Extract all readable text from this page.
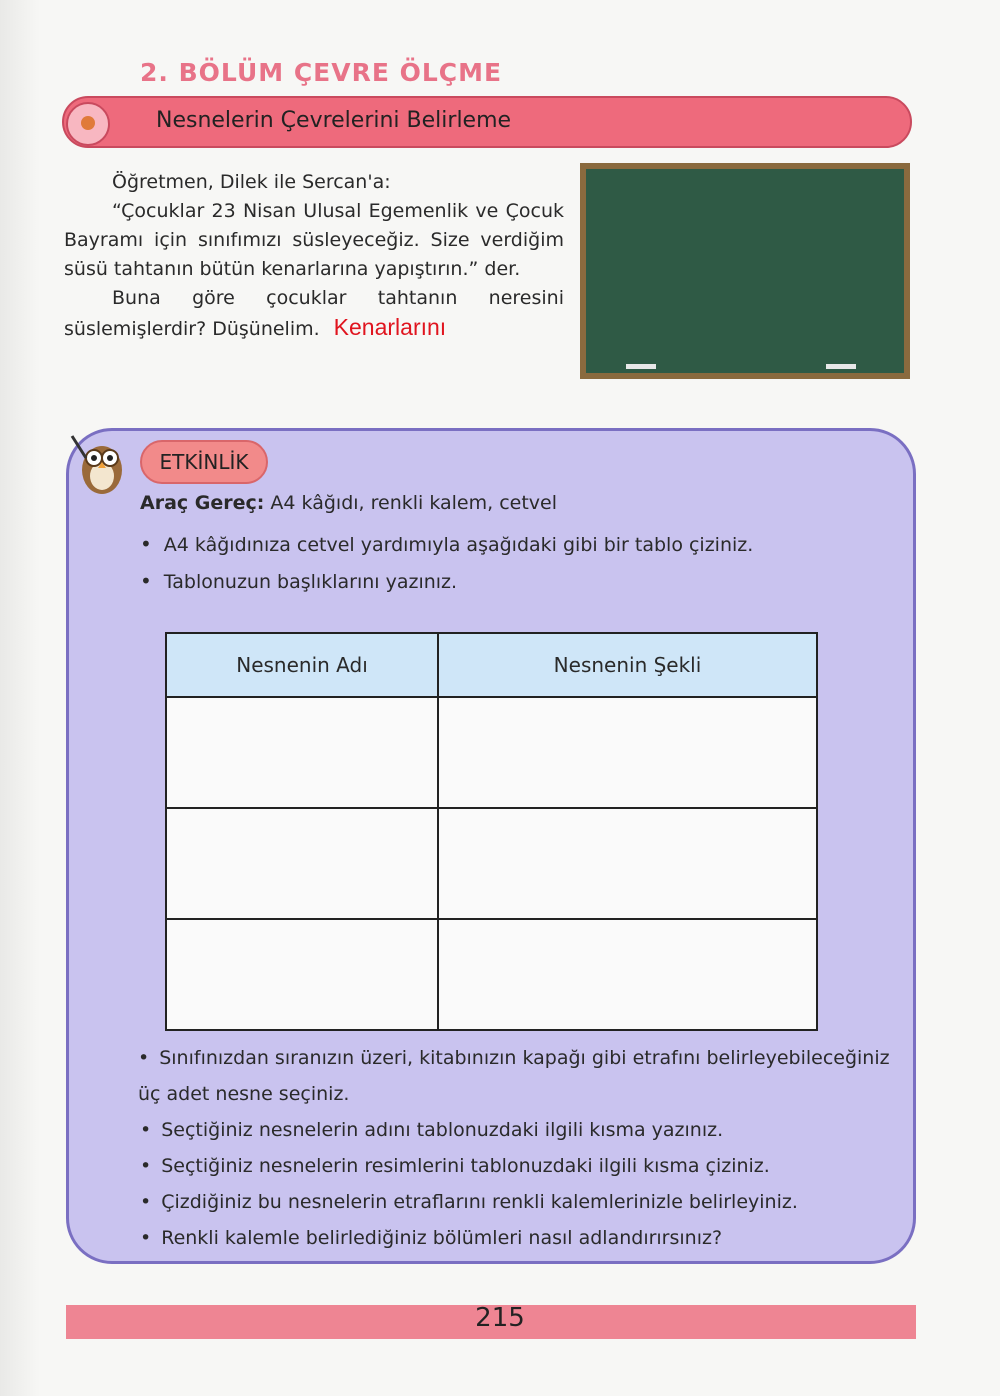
2. BÖLÜM ÇEVRE ÖLÇME
Nesnelerin Çevrelerini Belirleme

Öğretmen, Dilek ile Sercan'a:

“Çocuklar 23 Nisan Ulusal Egemenlik ve Çocuk Bayramı için sınıfımızı süsleyeceğiz. Size verdiğim süsü tahtanın bütün kenarlarına yapıştırın.” der.

Buna göre çocuklar tahtanın neresini süslemişlerdir? Düşünelim. Kenarlarını

ETKİNLİK
Araç Gereç: A4 kâğıdı, renkli kalem, cetvel
• A4 kâğıdınıza cetvel yardımıyla aşağıdaki gibi bir tablo çiziniz.
• Tablonuzun başlıklarını yazınız.
Nesnenin Adı	Nesnenin Şekli

• Sınıfınızdan sıranızın üzeri, kitabınızın kapağı gibi etrafını belirleyebileceğiniz üç adet nesne seçiniz.

• Seçtiğiniz nesnelerin adını tablonuzdaki ilgili kısma yazınız.

• Seçtiğiniz nesnelerin resimlerini tablonuzdaki ilgili kısma çiziniz.

• Çizdiğiniz bu nesnelerin etraflarını renkli kalemlerinizle belirleyiniz.

• Renkli kalemle belirlediğiniz bölümleri nasıl adlandırırsınız?

215
